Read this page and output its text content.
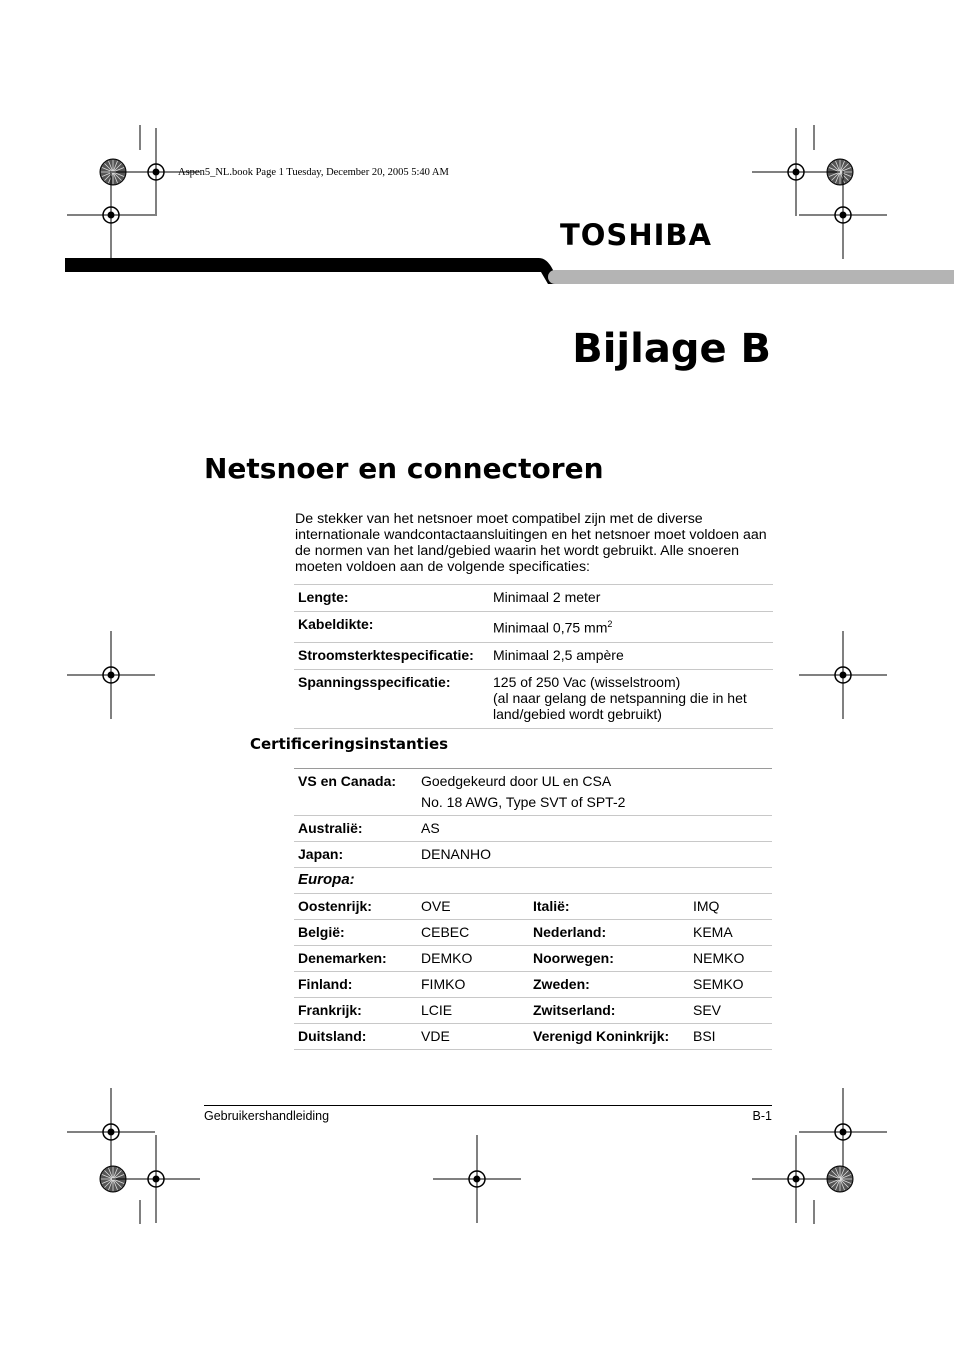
Aspen5_NL.book Page 1 Tuesday, December 20, 2005 5:40 AM
TOSHIBA
Bijlage B
Netsnoer en connectoren
De stekker van het netsnoer moet compatibel zijn met de diverse internationale wandcontactaansluitingen en het netsnoer moet voldoen aan de normen van het land/gebied waarin het wordt gebruikt. Alle snoeren moeten voldoen aan de volgende specificaties:
Lengte:	Minimaal 2 meter
Kabeldikte:	Minimaal 0,75 $mm^2$
Stroomsterktespecificatie:	Minimaal 2,5 ampère
Spanningsspecificatie:	125 of 250 Vac (wisselstroom)
(al naar gelang de netspanning die in het land/gebied wordt gebruikt)
Certificeringsinstanties
VS en Canada:	Goedgekeurd door UL en CSA
No. 18 AWG, Type SVT of SPT-2		

Australië:	AS		
Japan:	DENANHO		
Europa:			
Oostenrijk:	OVE	Italië:	IMQ
België:	CEBEC	Nederland:	KEMA
Denemarken:	DEMKO	Noorwegen:	NEMKO
Finland:	FIMKO	Zweden:	SEMKO
Frankrijk:	LCIE	Zwitserland:	SEV
Duitsland:	VDE	Verenigd Koninkrijk:	BSI
Gebruikershandleiding	B-1
